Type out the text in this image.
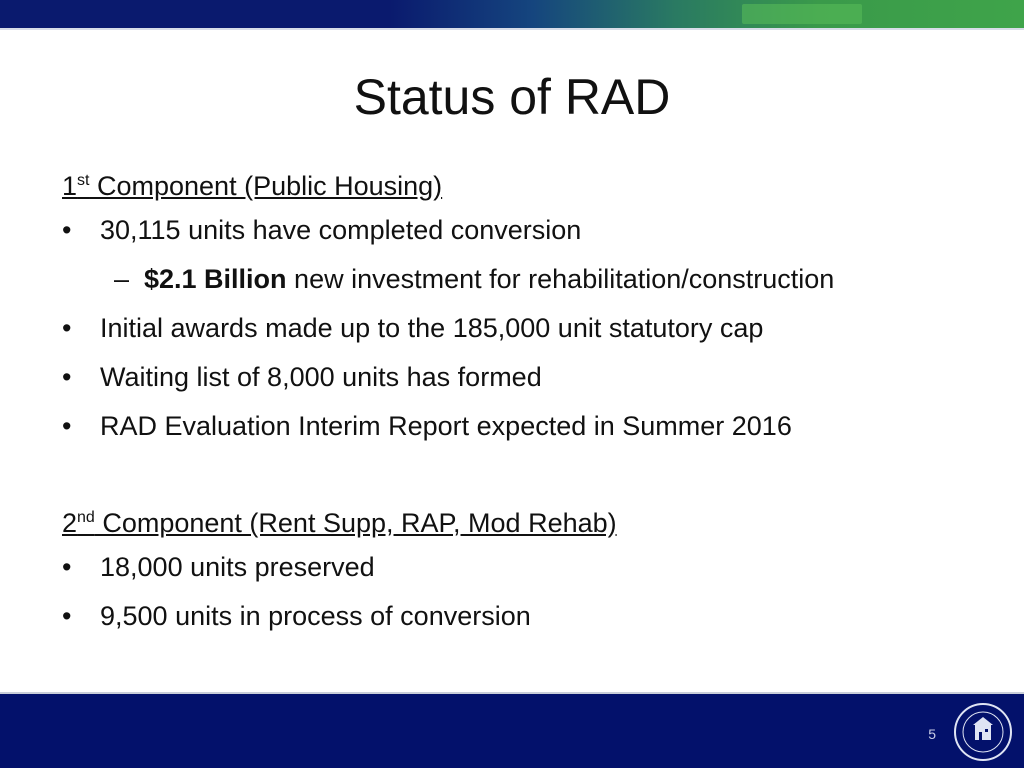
Status of RAD
1st Component (Public Housing)
• 30,115 units have completed conversion
– $2.1 Billion new investment for rehabilitation/construction
• Initial awards made up to the 185,000 unit statutory cap
• Waiting list of 8,000 units has formed
• RAD Evaluation Interim Report expected in Summer 2016
2nd Component (Rent Supp, RAP, Mod Rehab)
• 18,000 units preserved
• 9,500 units in process of conversion
5
